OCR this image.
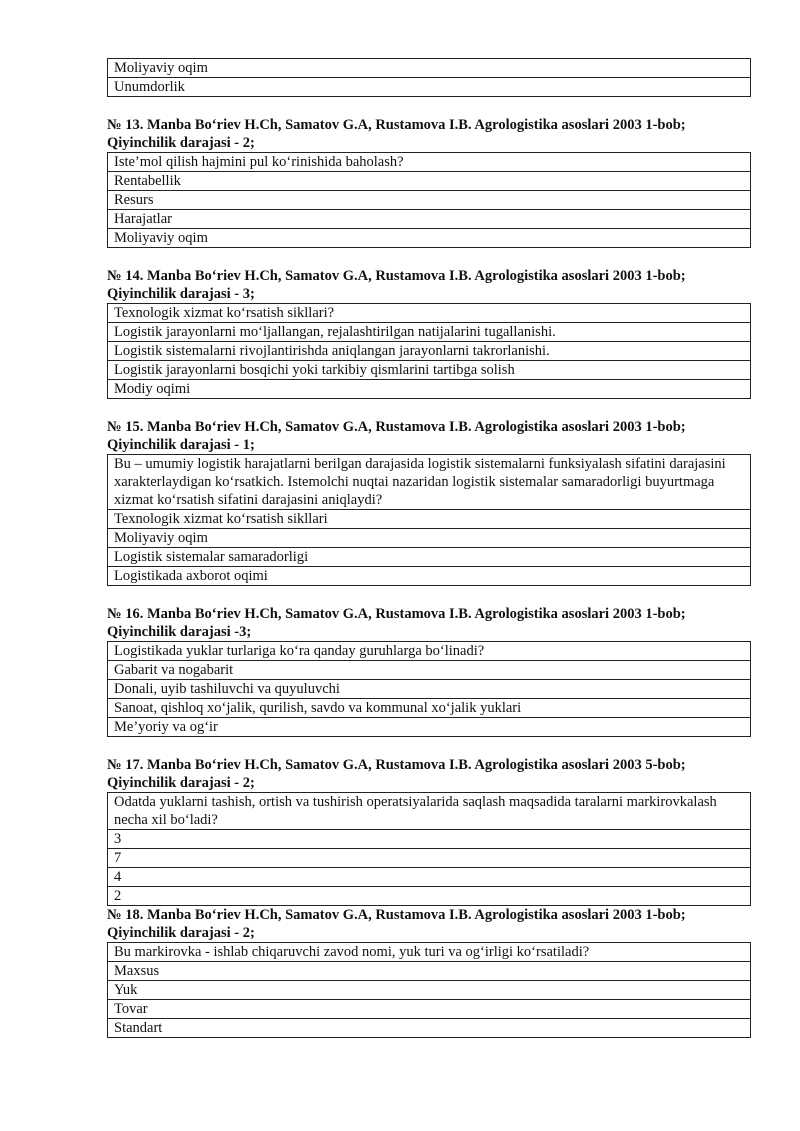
Moliyaviy oqim
Unumdorlik

№ 13. Manba Bo‘riev H.Ch, Samatov G.A, Rustamova I.B. Agrologistika asoslari 2003 1-bob; Qiyinchilik darajasi - 2;

Iste’mol qilish hajmini pul ko‘rinishida baholash?
Rentabellik
Resurs
Harajatlar
Moliyaviy oqim

№ 14. Manba Bo‘riev H.Ch, Samatov G.A, Rustamova I.B. Agrologistika asoslari 2003 1-bob; Qiyinchilik darajasi - 3;

Texnologik xizmat ko‘rsatish sikllari?
Logistik jarayonlarni mo‘ljallangan, rejalashtirilgan natijalarini tugallanishi.
Logistik sistemalarni rivojlantirishda aniqlangan jarayonlarni takrorlanishi.
Logistik jarayonlarni bosqichi yoki tarkibiy qismlarini tartibga solish
Modiy oqimi

№ 15. Manba Bo‘riev H.Ch, Samatov G.A, Rustamova I.B. Agrologistika asoslari 2003 1-bob; Qiyinchilik darajasi - 1;

Bu – umumiy logistik harajatlarni berilgan darajasida logistik sistemalarni funksiyalash sifatini darajasini xarakterlaydigan ko‘rsatkich. Istemolchi nuqtai nazaridan logistik sistemalar samaradorligi buyurtmaga xizmat ko‘rsatish sifatini darajasini aniqlaydi?
Texnologik xizmat ko‘rsatish sikllari
Moliyaviy oqim
Logistik sistemalar samaradorligi
Logistikada axborot oqimi

№ 16. Manba Bo‘riev H.Ch, Samatov G.A, Rustamova I.B. Agrologistika asoslari 2003 1-bob; Qiyinchilik darajasi -3;

Logistikada yuklar turlariga ko‘ra qanday guruhlarga bo‘linadi?
Gabarit va nogabarit
Donali, uyib tashiluvchi va quyuluvchi
Sanoat, qishloq xo‘jalik, qurilish, savdo va kommunal xo‘jalik yuklari
Me’yoriy va og‘ir

№ 17. Manba Bo‘riev H.Ch, Samatov G.A, Rustamova I.B. Agrologistika asoslari 2003 5-bob; Qiyinchilik darajasi - 2;

Odatda yuklarni tashish, ortish va tushirish operatsiyalarida saqlash maqsadida taralarni markirovkalash necha xil bo‘ladi?
3
7
4
2

№ 18. Manba Bo‘riev H.Ch, Samatov G.A, Rustamova I.B. Agrologistika asoslari 2003 1-bob; Qiyinchilik darajasi - 2;

Bu markirovka - ishlab chiqaruvchi zavod nomi, yuk turi va og‘irligi ko‘rsatiladi?
Maxsus
Yuk
Tovar
Standart
